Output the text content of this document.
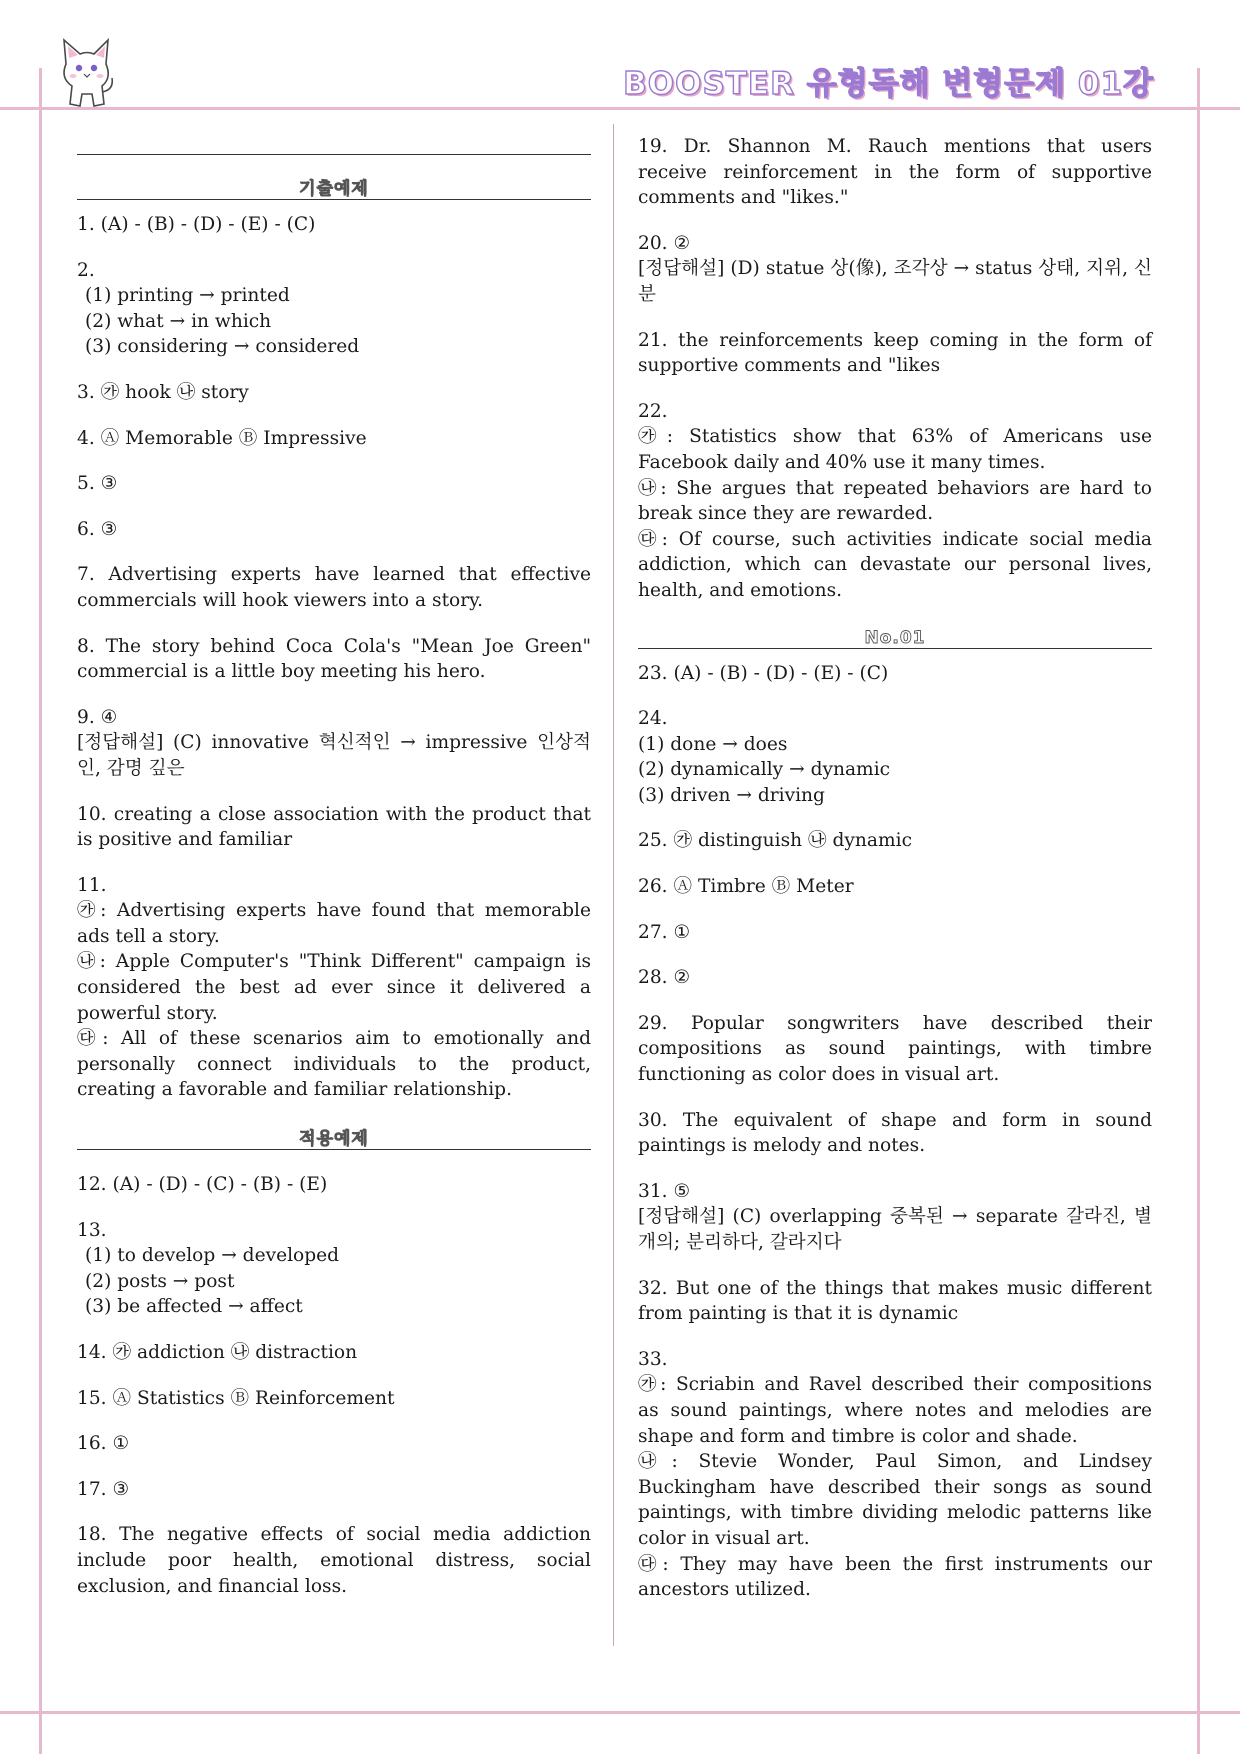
BOOSTER 유형독해 변형문제 01강
기출예제
1. (A) - (B) - (D) - (E) - (C)
2.
(1) printing → printed
(2) what → in which
(3) considering → considered
3. ㉮ hook ㉯ story
4. Ⓐ Memorable Ⓑ Impressive
5. ③
6. ③
7. Advertising experts have learned that effective commercials will hook viewers into a story.
8. The story behind Coca Cola's "Mean Joe Green" commercial is a little boy meeting his hero.
9. ④
[정답해설] (C) innovative 혁신적인 → impressive 인상적인, 감명 깊은
10. creating a close association with the product that is positive and familiar
11.
㉮: Advertising experts have found that memorable ads tell a story.
㉯: Apple Computer's "Think Different" campaign is considered the best ad ever since it delivered a powerful story.
㉰: All of these scenarios aim to emotionally and personally connect individuals to the product, creating a favorable and familiar relationship.
적용예제
12. (A) - (D) - (C) - (B) - (E)
13.
(1) to develop → developed
(2) posts → post
(3) be affected → affect
14. ㉮ addiction ㉯ distraction
15. Ⓐ Statistics Ⓑ Reinforcement
16. ①
17. ③
18. The negative effects of social media addiction include poor health, emotional distress, social exclusion, and financial loss.
19. Dr. Shannon M. Rauch mentions that users receive reinforcement in the form of supportive comments and "likes."
20. ②
[정답해설] (D) statue 상(像), 조각상 → status 상태, 지위, 신분
21. the reinforcements keep coming in the form of supportive comments and "likes
22.
㉮: Statistics show that 63% of Americans use Facebook daily and 40% use it many times.
㉯: She argues that repeated behaviors are hard to break since they are rewarded.
㉰: Of course, such activities indicate social media addiction, which can devastate our personal lives, health, and emotions.
No.01
23. (A) - (B) - (D) - (E) - (C)
24.
(1) done → does
(2) dynamically → dynamic
(3) driven → driving
25. ㉮ distinguish ㉯ dynamic
26. Ⓐ Timbre Ⓑ Meter
27. ①
28. ②
29. Popular songwriters have described their compositions as sound paintings, with timbre functioning as color does in visual art.
30. The equivalent of shape and form in sound paintings is melody and notes.
31. ⑤
[정답해설] (C) overlapping 중복된 → separate 갈라진, 별개의; 분리하다, 갈라지다
32. But one of the things that makes music different from painting is that it is dynamic
33.
㉮: Scriabin and Ravel described their compositions as sound paintings, where notes and melodies are shape and form and timbre is color and shade.
㉯: Stevie Wonder, Paul Simon, and Lindsey Buckingham have described their songs as sound paintings, with timbre dividing melodic patterns like color in visual art.
㉰: They may have been the first instruments our ancestors utilized.
